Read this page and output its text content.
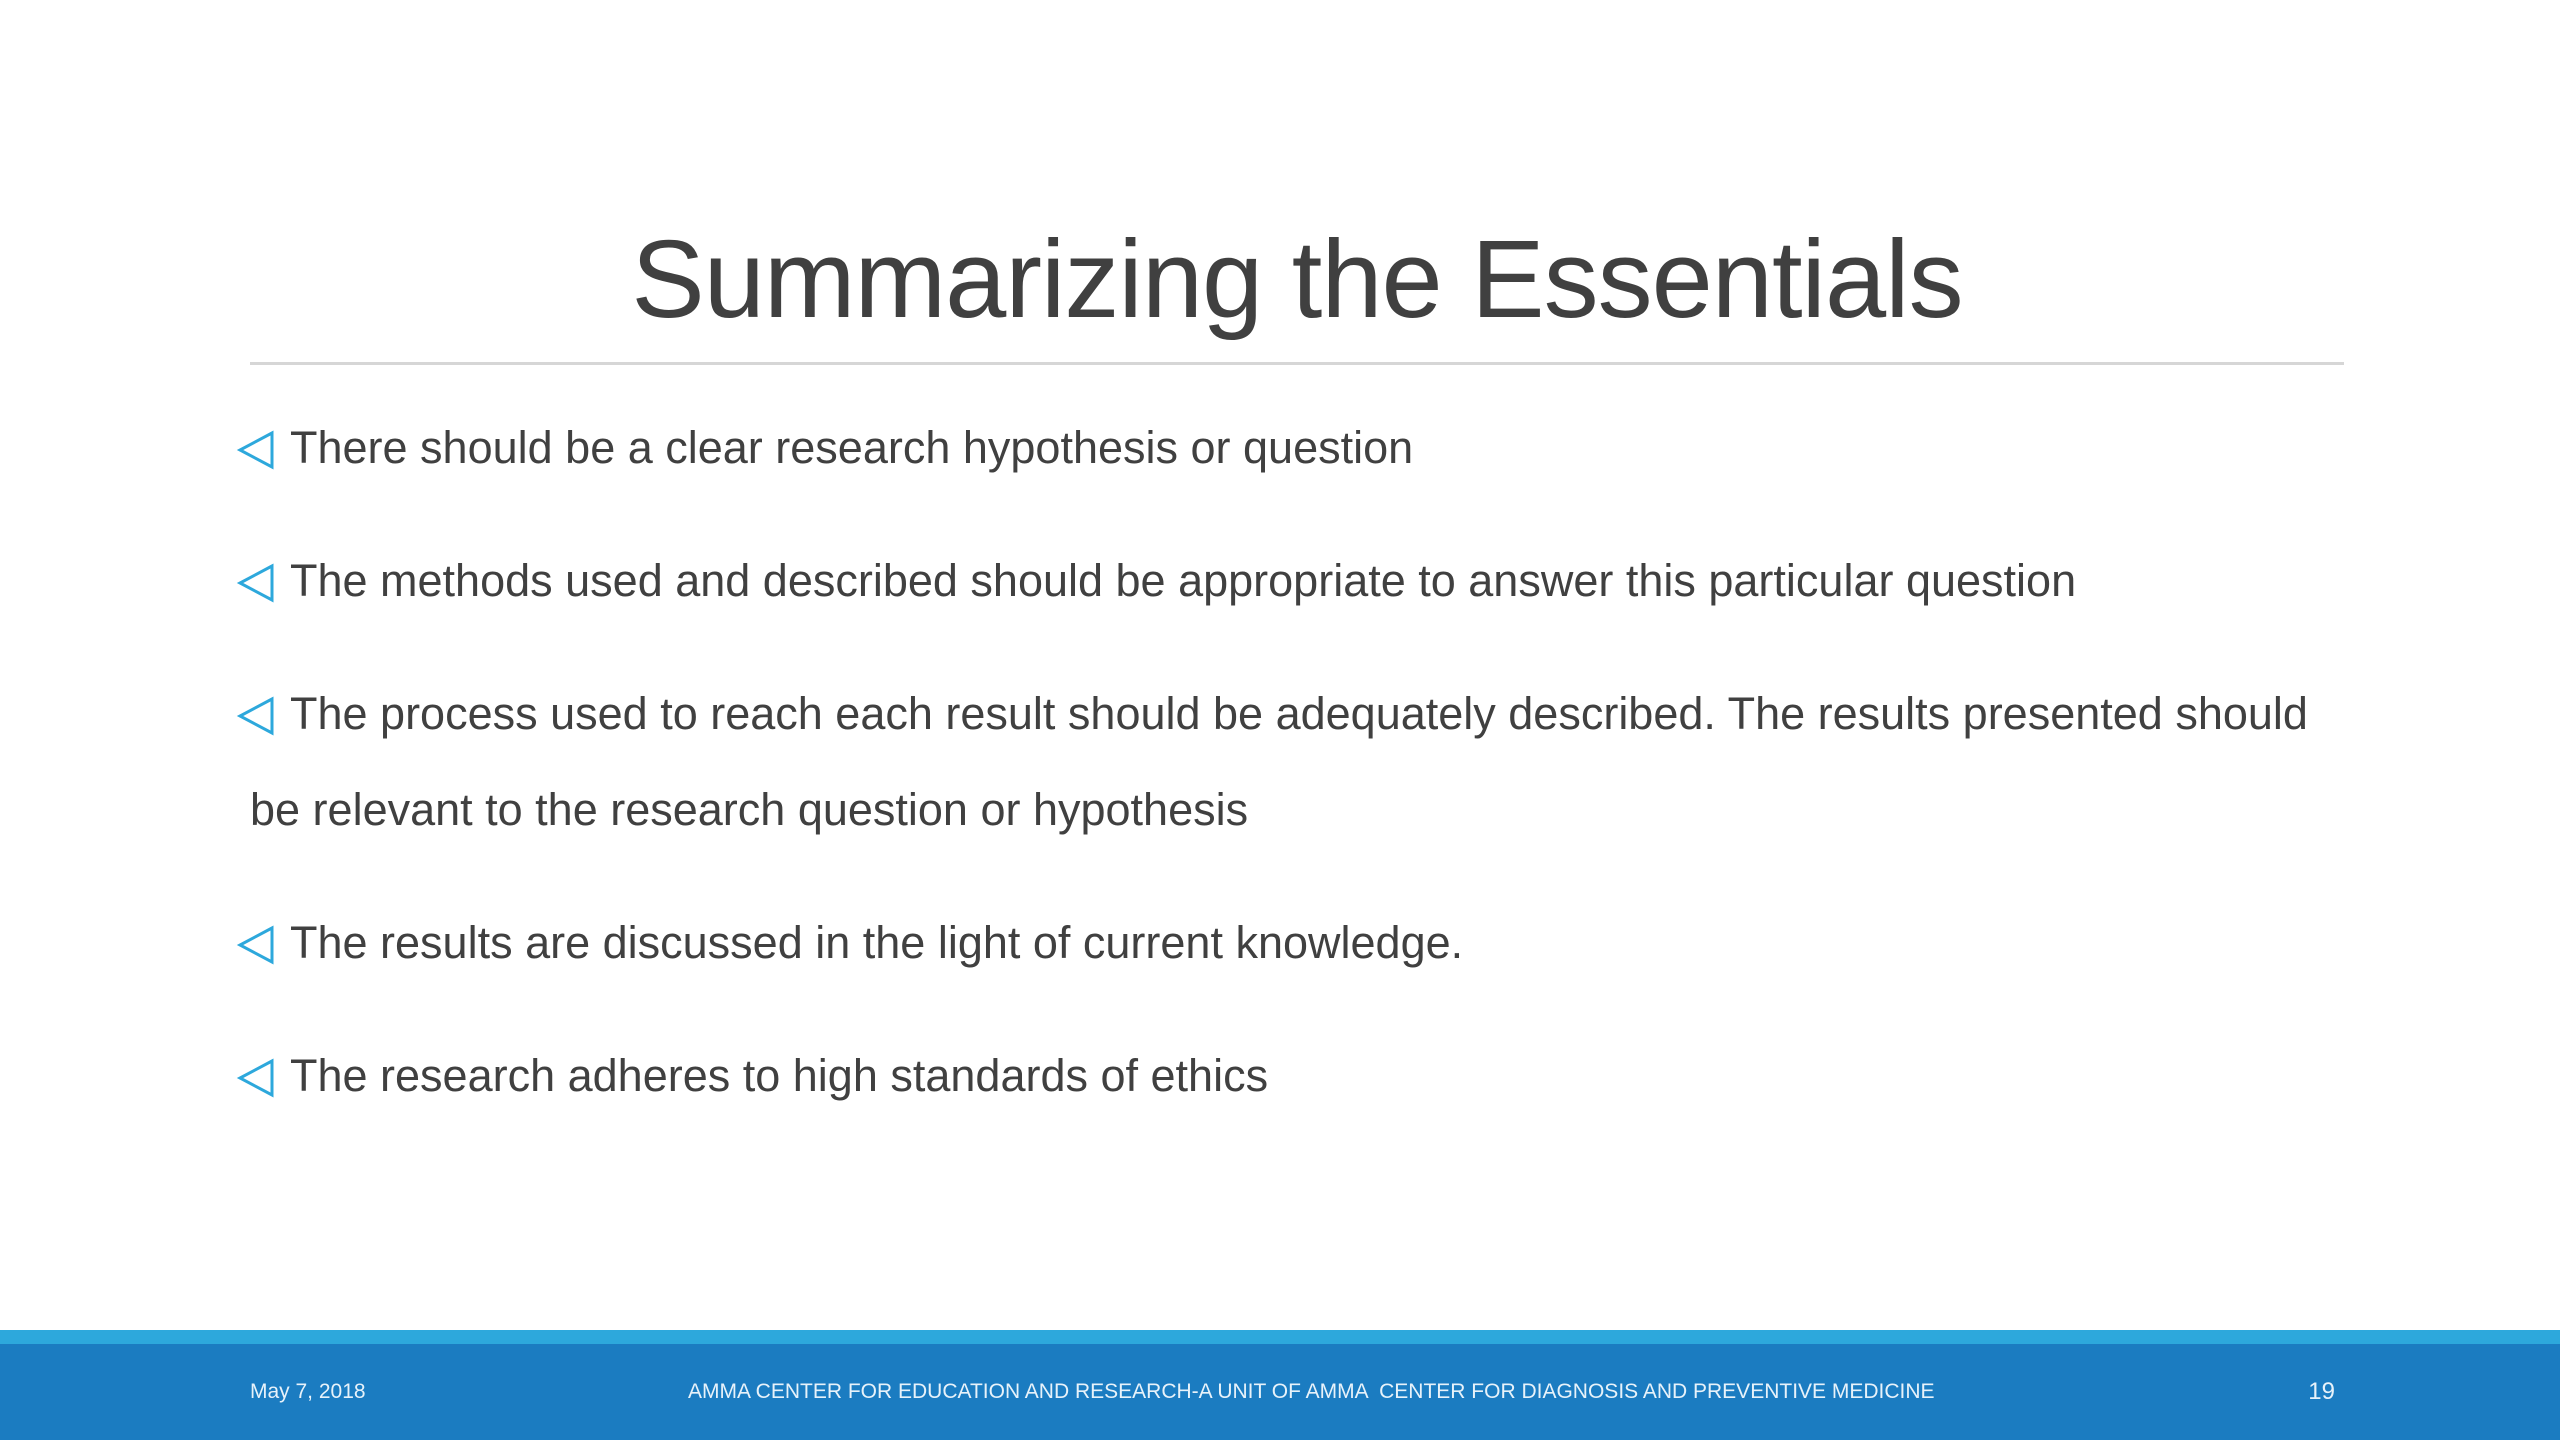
Summarizing the Essentials
There should be a clear research hypothesis or question
The methods used and described should be appropriate to answer this particular question
The process used to reach each result should be adequately described. The results presented should be relevant to the research question or hypothesis
The results are discussed in the light of current knowledge.
The research adheres to high standards of ethics
May 7, 2018	AMMA CENTER FOR EDUCATION AND RESEARCH-A UNIT OF AMMA  CENTER FOR DIAGNOSIS AND PREVENTIVE MEDICINE	19
